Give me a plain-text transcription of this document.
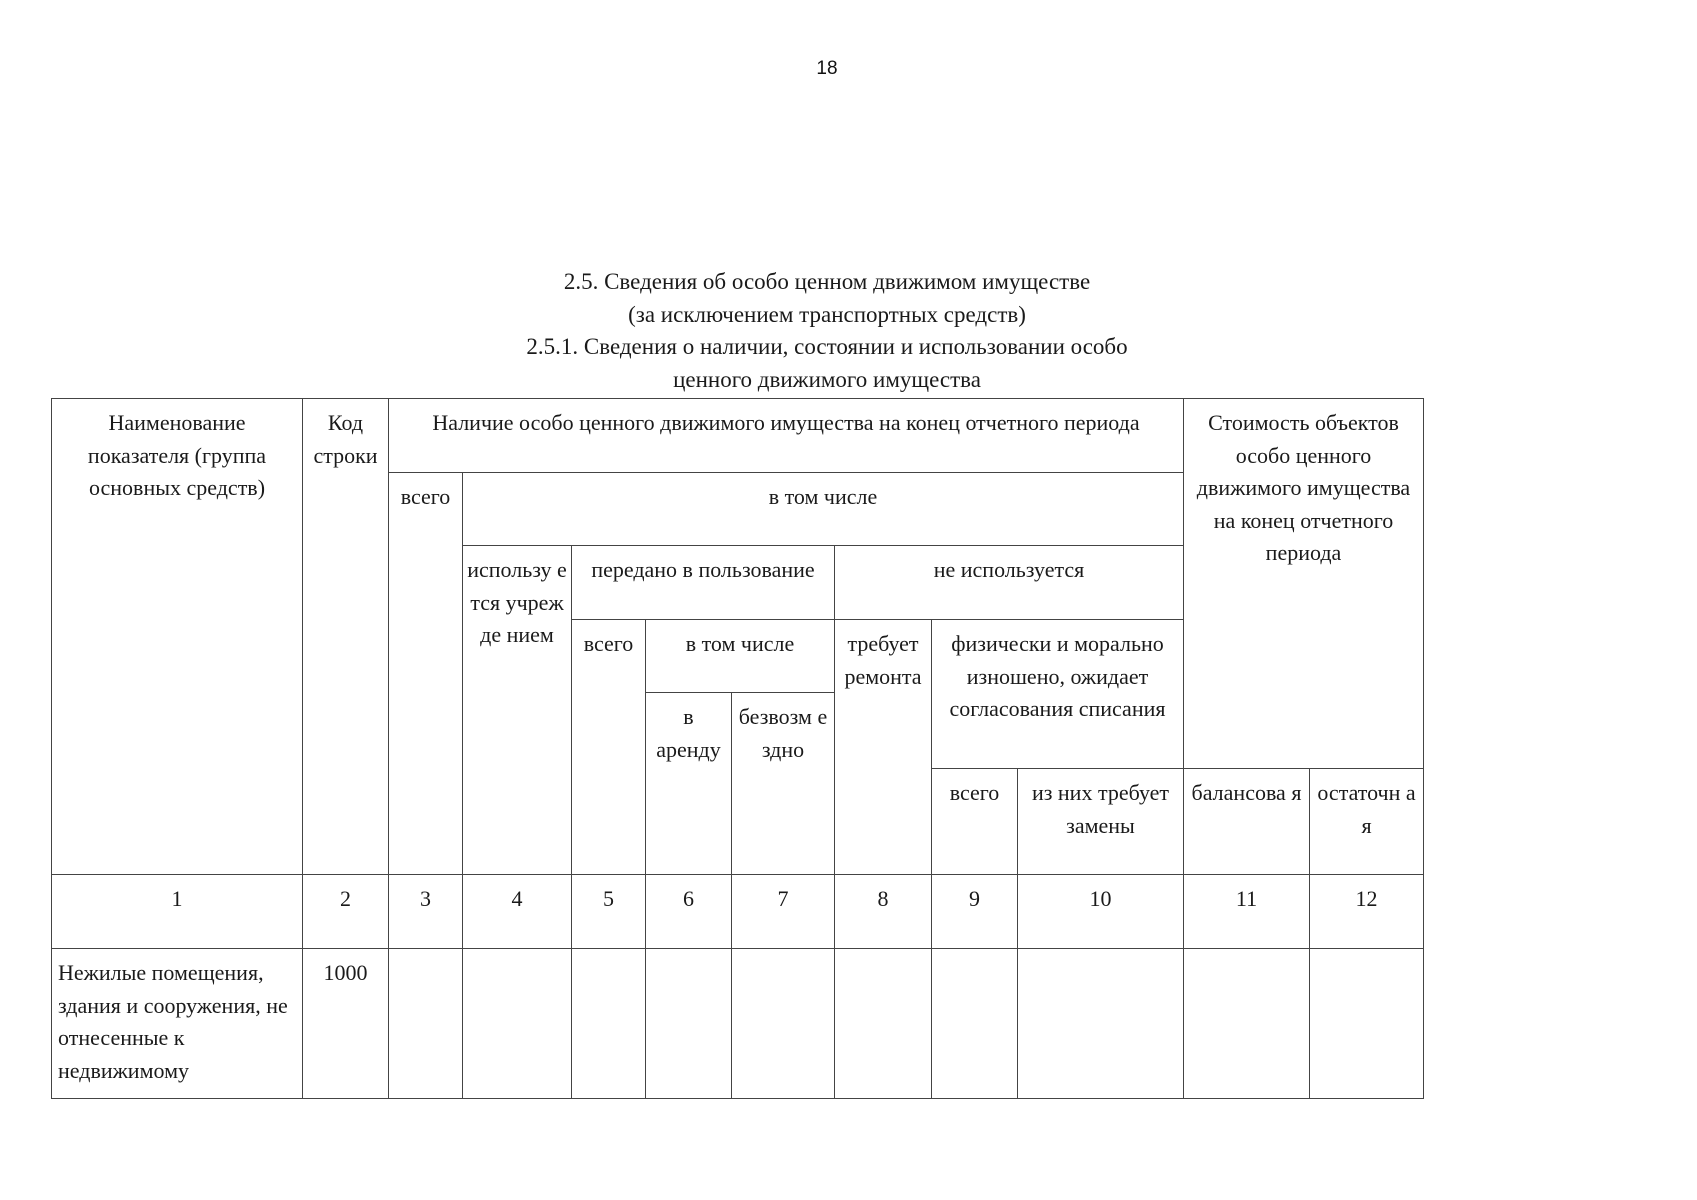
18
2.5. Сведения об особо ценном движимом имуществе
(за исключением транспортных средств)
2.5.1. Сведения о наличии, состоянии и использовании особо
ценного движимого имущества
Наименование показателя (группа основных средств)	Код строки	Наличие особо ценного движимого имущества на конец отчетного периода								Стоимость объектов особо ценного движимого имущества на конец отчетного периода	
		всего	в том числе								
			использу ется учрежде нием	передано в пользование			не используется				
				всего	в том числе		требует ремонта	физически и морально изношено, ожидает согласования списания			
					в аренду	безвозм ездно					
								всего	из них требует замены	балансова я	остаточн ая
1	2	3	4	5	6	7	8	9	10	11	12
Нежилые помещения, здания и сооружения, не отнесенные к недвижимому	1000										
